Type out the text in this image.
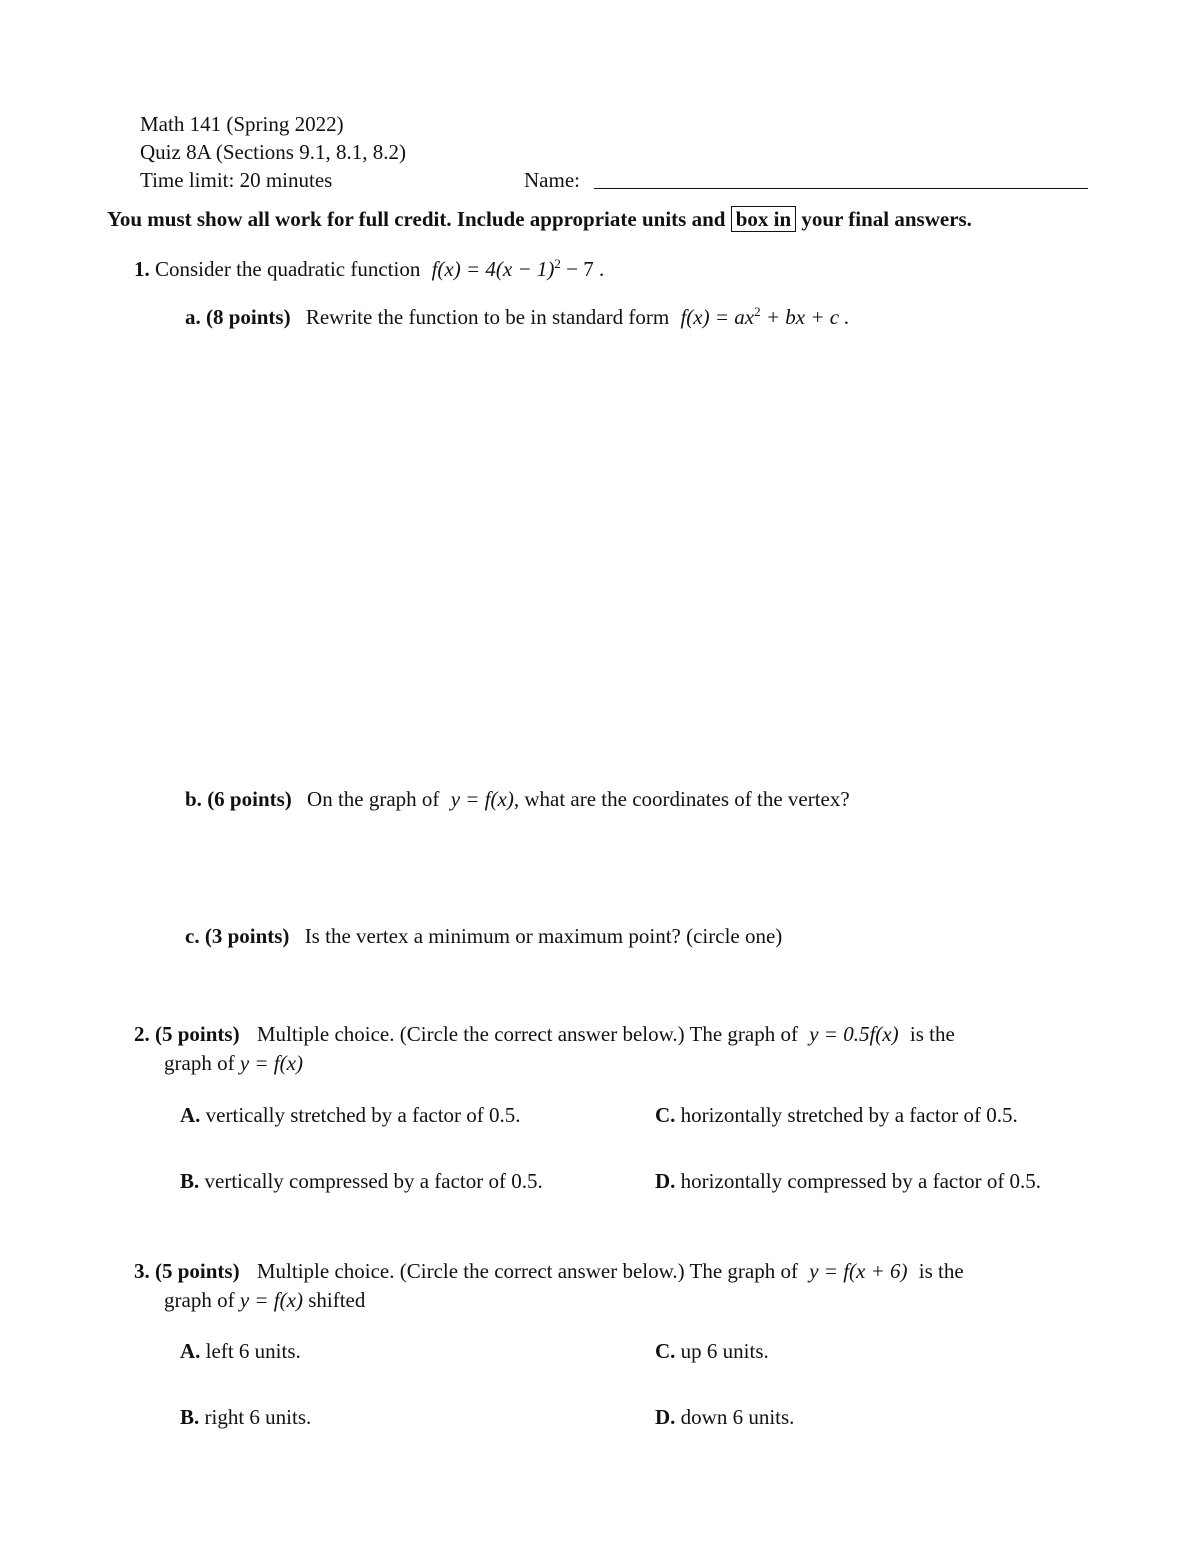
Math 141 (Spring 2022)
Quiz 8A (Sections 9.1, 8.1, 8.2)
Time limit: 20 minutes	Name:
You must show all work for full credit. Include appropriate units and box in your final answers.
1. Consider the quadratic function $f(x) = 4(x - 1)^2 - 7$ .
a. (8 points) Rewrite the function to be in standard form $f(x) = ax^2$ + bx + c .
b. (6 points) On the graph of y = f(x), what are the coordinates of the vertex?
c. (3 points) Is the vertex a minimum or maximum point? (circle one)
2. (5 points) Multiple choice. (Circle the correct answer below.) The graph of y = 0.5f(x) is the
graph of y = f(x)
A. vertically stretched by a factor of 0.5.
B. vertically compressed by a factor of 0.5.
C. horizontally stretched by a factor of 0.5.
D. horizontally compressed by a factor of 0.5.
3. (5 points) Multiple choice. (Circle the correct answer below.) The graph of y = f(x + 6) is the
graph of y = f(x) shifted
A. left 6 units.
B. right 6 units.
C. up 6 units.
D. down 6 units.
